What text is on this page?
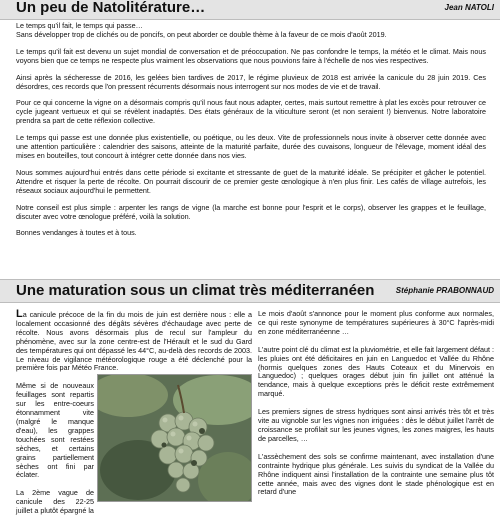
Un peu de Natolitérature…	Jean NATOLI

Le temps qu'il fait, le temps qui passe…

Sans développer trop de clichés ou de poncifs, on peut aborder ce double thème à la faveur de ce mois d'août 2019.

Le temps qu'il fait est devenu un sujet mondial de conversation et de préoccupation. Ne pas confondre le temps, la météo et le climat. Mais nous voyons bien que ce temps ne respecte plus vraiment les observations que nous pouvions faire à l'échelle de nos vies respectives.

Ainsi après la sécheresse de 2016, les gelées bien tardives de 2017, le régime pluvieux de 2018 est arrivée la canicule du 28 juin 2019. Ces désordres, ces records que l'on pressent récurrents désormais nous interrogent sur nos modes de vie et de travail.

Pour ce qui concerne la vigne on a désormais compris qu'il nous faut nous adapter, certes, mais surtout remettre à plat les excès pour retrouver ce cycle jugeant vertueux et qui se révèlent inadaptés. Des états généraux de la viticulture seront (et non seraient !) bienvenus. Notre laboratoire prendra sa part de cette réflexion collective.

Le temps qui passe est une donnée plus existentielle, ou poétique, ou les deux. Vite de professionnels nous invite à observer cette donnée avec une attention particulière : calendrier des saisons, atteinte de la maturité parfaite, durée des cuvaisons, longueur de l'élevage, moment idéal des mises en bouteilles, tout concourt à intégrer cette donnée dans nos vies.

Nous sommes aujourd'hui entrés dans cette période si excitante et stressante de guet de la maturité idéale. Se précipiter et gâcher le potentiel. Attendre et risquer la perte de récolte. On pourrait discourir de ce premier geste œnologique à n'en plus finir. Les cafés de village autrefois, les réseaux sociaux aujourd'hui le permettent.

Notre conseil est plus simple : arpenter les rangs de vigne (la marche est bonne pour l'esprit et le corps), observer les grappes et le feuillage, discuter avec votre œnologue préféré, voilà la solution.

Bonnes vendanges à toutes et à tous.

Une maturation sous un climat très méditerranéen	Stéphanie PRABONNAUD

La canicule précoce de la fin du mois de juin est derrière nous : elle a localement occasionné des dégâts sévères d'échaudage avec perte de récolte. Nous avons désormais plus de recul sur l'ampleur du phénomène, avec sur la zone centre-est de l'Hérault et le sud du Gard des températures qui ont dépassé les 44°C, au-delà des records de 2003. Le niveau de vigilance météorologique rouge a été déclenché pour la première fois par Météo France.

Même si de nouveaux feuillages sont repartis sur les entre-coeurs étonnamment vite (malgré le manque d'eau), les grappes touchées sont restées sèches, et certains grains partiellement sèches ont fini par éclater.

La 2ème vague de canicule des 22-25 juillet a plutôt épargné la

Le mois d'août s'annonce pour le moment plus conforme aux normales, ce qui reste synonyme de températures supérieures à 30°C l'après-midi en zone méditerranéenne …

L'autre point clé du climat est la pluviométrie, et elle fait largement défaut : les pluies ont été déficitaires en juin en Languedoc et Vallée du Rhône (hormis quelques zones des Hauts Coteaux et du Minervois en Languedoc) ; quelques orages début juin fin juillet ont atténué la tendance, mais à quelque exceptions près le déficit reste extrêmement marqué.

Les premiers signes de stress hydriques sont ainsi arrivés très tôt et très vite au vignoble sur les vignes non irriguées : dès le début juillet l'arrêt de croissance se profilait sur les jeunes vignes, les zones maigres, les hauts de parcelles, …

L'assèchement des sols se confirme maintenant, avec installation d'une contrainte hydrique plus générale. Les suivis du syndicat de la Vallée du Rhône indiquent ainsi l'installation de la contrainte une semaine plus tôt cette année, mais avec des vignes dont le stade phénologique est en retard d'une
